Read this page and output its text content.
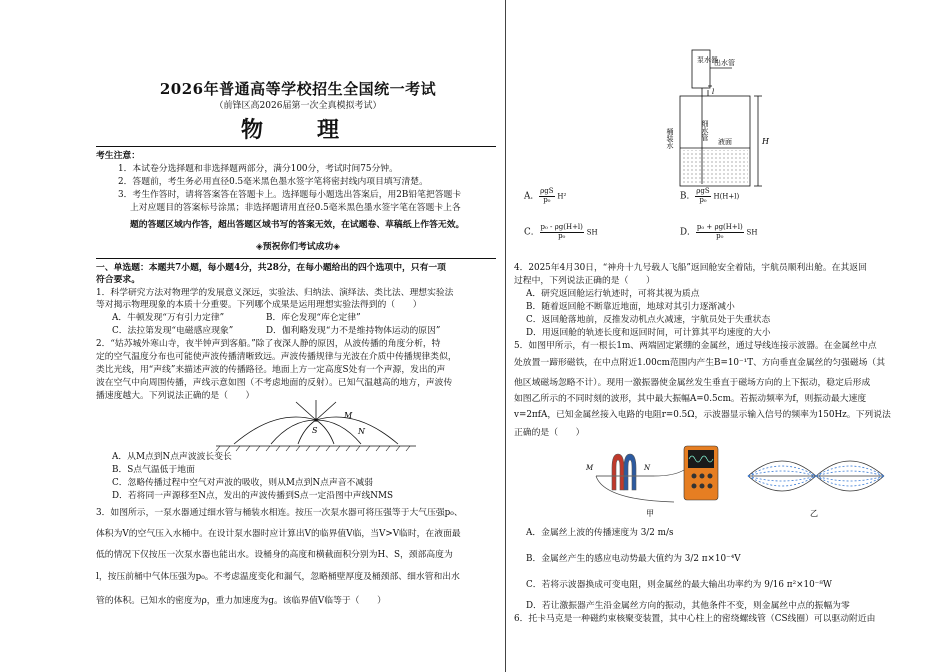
2026年普通高等学校招生全国统一考试
（前锋区高2026届第一次全真模拟考试）
物　理
考生注意：
1．本试卷分选择题和非选择题两部分，满分100分，考试时间75分钟。
2．答题前，考生务必用直径0.5毫米黑色墨水签字笔将密封线内项目填写清楚。
3．考生作答时，请将答案答在答题卡上。选择题每小题选出答案后，用2B铅笔把答题卡
上对应题目的答案标号涂黑；非选择题请用直径0.5毫米黑色墨水签字笔在答题卡上各
题的答题区域内作答，超出答题区域书写的答案无效，在试题卷、草稿纸上作答无效。
◈预祝你们考试成功◈
一、单选题：本题共7小题，每小题4分，共28分，在每小题给出的四个选项中，只有一项
符合要求。
1．科学研究方法对物理学的发展意义深远，实验法、归纳法、演绎法、类比法、理想实验法
等对揭示物理现象的本质十分重要。下列哪个成果是运用理想实验法得到的（　　）
A．牛顿发现“万有引力定律”	B．库仑发现“库仑定律”
C．法拉第发现“电磁感应现象”	D．伽利略发现“力不是维持物体运动的原因”
2．“姑苏城外寒山寺，夜半钟声到客船。”除了夜深人静的原因，从波传播的角度分析，特
定的空气温度分布也可能使声波传播清晰致远。声波传播规律与光波在介质中传播规律类似，
类比光线，用“声线”来描述声波的传播路径。地面上方一定高度S处有一个声源，发出的声
波在空气中向周围传播，声线示意如图（不考虑地面的反射）。已知气温越高的地方，声波传
播速度越大。下列说法正确的是（　　）
S
M
N
A．从M点到N点声波波长变长
B．S点气温低于地面
C．忽略传播过程中空气对声波的吸收，则从M点到N点声音不减弱
D．若将同一声源移至N点，发出的声波传播到S点一定沿图中声线NMS
3．如图所示，一泵水器通过细水管与桶装水相连。按压一次泵水器可将压强等于大气压强p₀、
体积为V的空气压入水桶中。在设计泵水器时应计算出V的临界值V临，当V>V临时，在液面最
低的情况下仅按压一次泵水器也能出水。设桶身的高度和横截面积分别为H、S，颈部高度为
l，按压前桶中气体压强为p₀。不考虑温度变化和漏气，忽略桶壁厚度及桶颈部、细水管和出水
管的体积。已知水的密度为ρ，重力加速度为g。该临界值V临等于（　　）
泵水器
出水管
l
桶装水	细水管
液面	H
A． $\frac{\text{ρgS}}{\text{p₀}} H^2$	B． $\frac{\text{ρgS}}{\text{p₀}} H(H+l)$
C． $\frac{\text{p₀ - ρg(H+l)}}{\text{p₀}}$ SH	D． $\frac{\text{p₀ + ρg(H+l)}}{\text{p₀}}$ SH
4．2025年4月30日，“神舟十九号载人飞船”返回舱安全着陆，宇航员顺利出舱。在其返回
过程中，下列说法正确的是（　　）
A．研究返回舱运行轨迹时，可将其视为质点
B．随着返回舱不断靠近地面，地球对其引力逐渐减小
C．返回舱落地前，反推发动机点火减速，宇航员处于失重状态
D．用返回舱的轨迹长度和返回时间，可计算其平均速度的大小
5．如图甲所示，有一根长1m、两端固定紧绷的金属丝，通过导线连接示波器。在金属丝中点
处放置一蹄形磁铁，在中点附近1.00cm范围内产生B=10⁻¹T、方向垂直金属丝的匀强磁场（其
他区域磁场忽略不计）。现用一激振器使金属丝发生垂直于磁场方向的上下振动，稳定后形成
如图乙所示的不同时刻的波形，其中最大振幅A=0.5cm。若振动频率为f，则振动最大速度
v=2πfA，已知金属丝接入电路的电阻r=0.5Ω，示波器显示输入信号的频率为150Hz。下列说法
正确的是（　　）
M	N
甲	乙
A．金属丝上波的传播速度为 3/2 m/s
B．金属丝产生的感应电动势最大值约为 3/2 π×10⁻⁴V
C．若将示波器换成可变电阻，则金属丝的最大输出功率约为 9/16 π²×10⁻⁸W
D．若让激振器产生沿金属丝方向的振动，其他条件不变，则金属丝中点的振幅为零
6．托卡马克是一种磁约束核聚变装置，其中心柱上的密绕螺线管（CS线圈）可以驱动附近由
